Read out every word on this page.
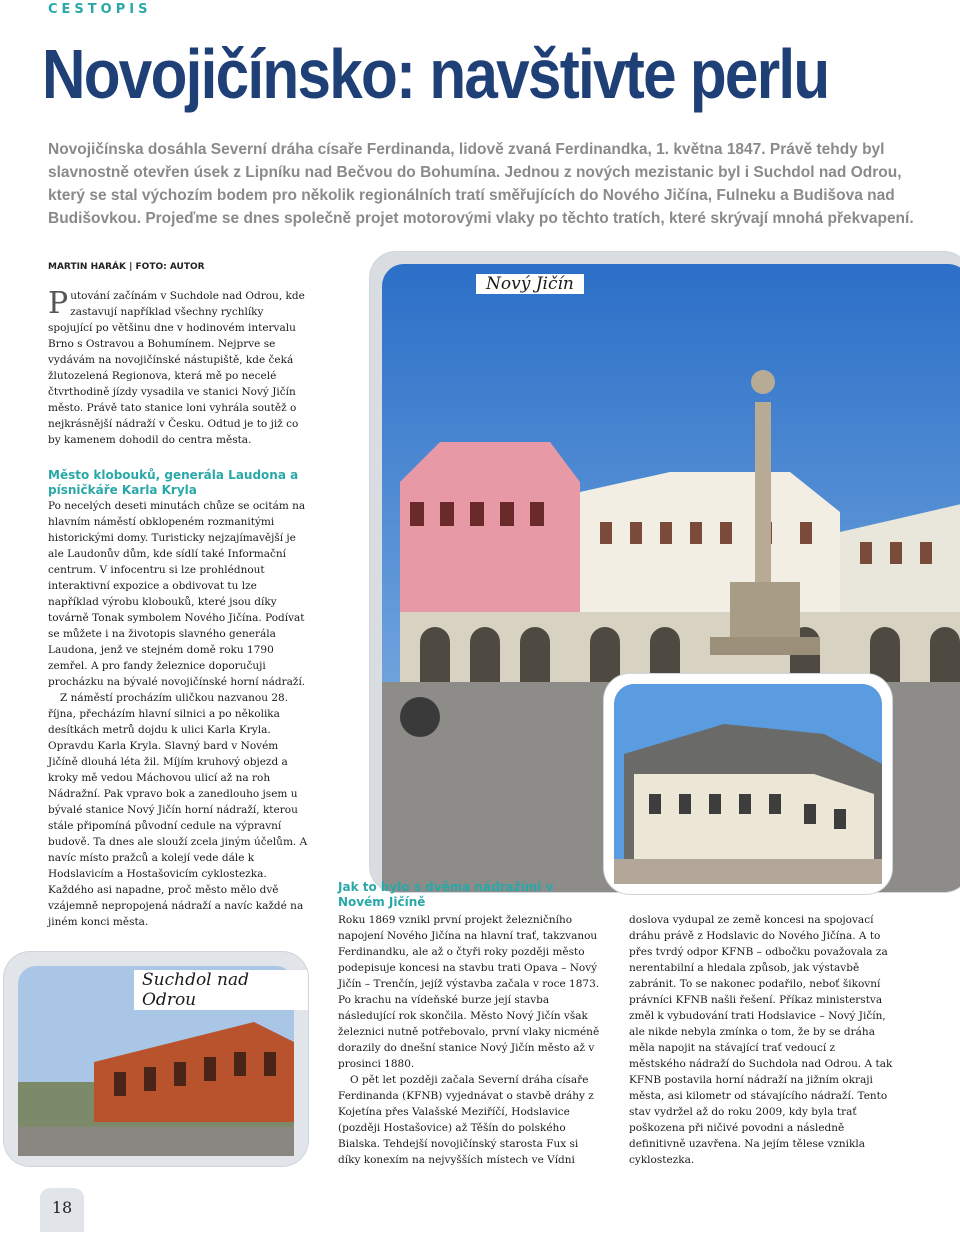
CESTOPIS
Novojičínsko: navštivte perlu
Novojičínska dosáhla Severní dráha císaře Ferdinanda, lidově zvaná Ferdinandka, 1. května 1847. Právě tehdy byl slavnostně otevřen úsek z Lipníku nad Bečvou do Bohumína. Jednou z nových mezistanic byl i Suchdol nad Odrou, který se stal výchozím bodem pro několik regionálních tratí směřujících do Nového Jičína, Fulneku a Budišova nad Budišovkou. Projeďme se dnes společně projet motorovými vlaky po těchto tratích, které skrývají mnohá překvapení.
MARTIN HARÁK | FOTO: AUTOR

Putování začínám v Suchdole nad Odrou, kde zastavují například všechny rychlíky spojující po většinu dne v hodinovém intervalu Brno s Ostravou a Bohumínem. Nejprve se vydávám na novojičínské nástupiště, kde čeká žlutozelená Regionova, která mě po necelé čtvrthodině jízdy vysadila ve stanici Nový Jičín město. Právě tato stanice loni vyhrála soutěž o nejkrásnější nádraží v Česku. Odtud je to již co by kamenem dohodil do centra města.

Město klobouků, generála Laudona a písničkáře Karla Kryla

Po necelých deseti minutách chůze se ocitám na hlavním náměstí obklopeném rozmanitými historickými domy. Turisticky nejzajímavější je ale Laudonův dům, kde sídlí také Informační centrum. V infocentru si lze prohlédnout interaktivní expozice a obdivovat tu lze například výrobu klobouků, které jsou díky továrně Tonak symbolem Nového Jičína. Podívat se můžete i na životopis slavného generála Laudona, jenž ve stejném domě roku 1790 zemřel. A pro fandy železnice doporučuji procházku na bývalé novojičínské horní nádraží.

Z náměstí procházím uličkou nazvanou 28. října, přecházím hlavní silnici a po několika desítkách metrů dojdu k ulici Karla Kryla. Opravdu Karla Kryla. Slavný bard v Novém Jičíně dlouhá léta žil. Míjím kruhový objezd a kroky mě vedou Máchovou ulicí až na roh Nádražní. Pak vpravo bok a zanedlouho jsem u bývalé stanice Nový Jičín horní nádraží, kterou stále připomíná původní cedule na výpravní budově. Ta dnes ale slouží zcela jiným účelům. A navíc místo pražců a kolejí vede dále k Hodslavicím a Hostašovicím cyklostezka. Každého asi napadne, proč město mělo dvě vzájemně nepropojená nádraží a navíc každé na jiném konci města.

Nový Jičín
Suchdol nad Odrou
Jak to bylo s dvěma nádražími v Novém Jičíně

Roku 1869 vznikl první projekt železničního napojení Nového Jičína na hlavní trať, takzvanou Ferdinandku, ale až o čtyři roky později město podepisuje koncesi na stavbu trati Opava – Nový Jičín – Trenčín, jejíž výstavba začala v roce 1873. Po krachu na vídeňské burze její stavba následující rok skončila. Město Nový Jičín však železnici nutně potřebovalo, první vlaky nicméně dorazily do dnešní stanice Nový Jičín město až v prosinci 1880.

O pět let později začala Severní dráha císaře Ferdinanda (KFNB) vyjednávat o stavbě dráhy z Kojetína přes Valašské Meziříčí, Hodslavice (později Hostašovice) až Těšín do polského Bialska. Tehdejší novojičínský starosta Fux si díky konexím na nejvyšších místech ve Vídni doslova vydupal ze země koncesi na spojovací dráhu právě z Hodslavic do Nového Jičína. A to přes tvrdý odpor KFNB – odbočku považovala za nerentabilní a hledala způsob, jak výstavbě zabránit. To se nakonec podařilo, neboť šikovní právníci KFNB našli řešení. Příkaz ministerstva změl k vybudování trati Hodslavice – Nový Jičín, ale nikde nebyla zmínka o tom, že by se dráha měla napojit na stávající trať vedoucí z městského nádraží do Suchdola nad Odrou. A tak KFNB postavila horní nádraží na jižním okraji města, asi kilometr od stávajícího nádraží. Tento stav vydržel až do roku 2009, kdy byla trať poškozena při ničivé povodni a následně definitivně uzavřena. Na jejím tělese vznikla cyklostezka.

18
